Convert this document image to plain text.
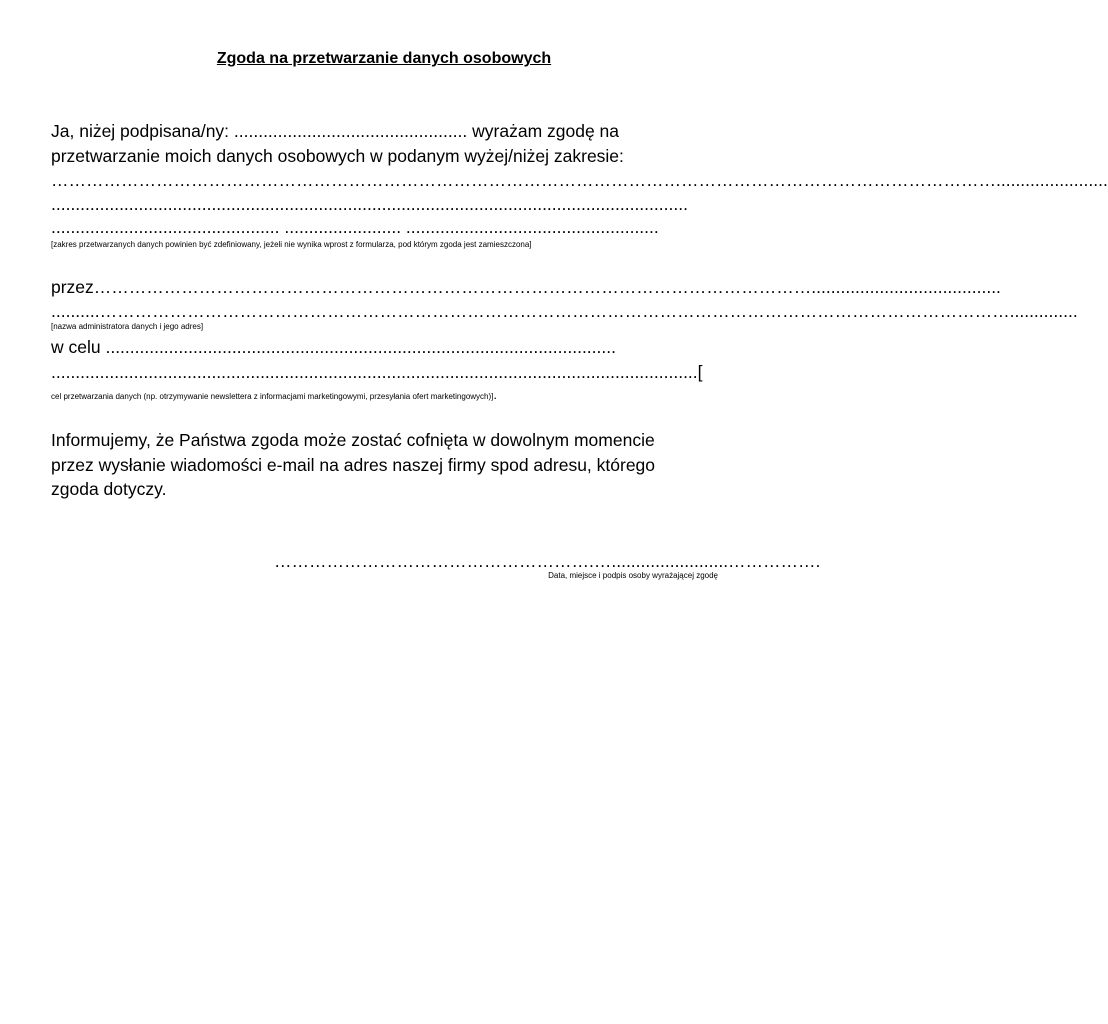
Zgoda na przetwarzanie danych osobowych
Ja, niżej podpisana/ny: ................................................ wyrażam zgodę na
przetwarzanie moich danych osobowych w podanym wyżej/niżej zakresie:
……………………………………………………………………………………………………………………………………………….......................
...................................................................................................................................
............................................... ........................ ....................................................
[zakres przetwarzanych danych powinien być zdefiniowany, jeżeli nie wynika wprost z formularza, pod którym zgoda jest zamieszczona]
przez…………………………………………………………………………………………………………….......................................
..........…………………………………………………………………………………………………………………………………………..............
[nazwa administratora danych i jego adres]
w celu .........................................................................................................
.....................................................................................................................................[
cel przetwarzania danych (np. otrzymywanie newslettera z informacjami marketingowymi, przesyłania ofert marketingowych)].
Informujemy, że Państwa zgoda może zostać cofnięta w dowolnym momencie
przez wysłanie wiadomości e-mail na adres naszej firmy spod adresu, którego
zgoda dotyczy.
……………………………………………….…........................…………….
Data, miejsce i podpis osoby wyrażającej zgodę
